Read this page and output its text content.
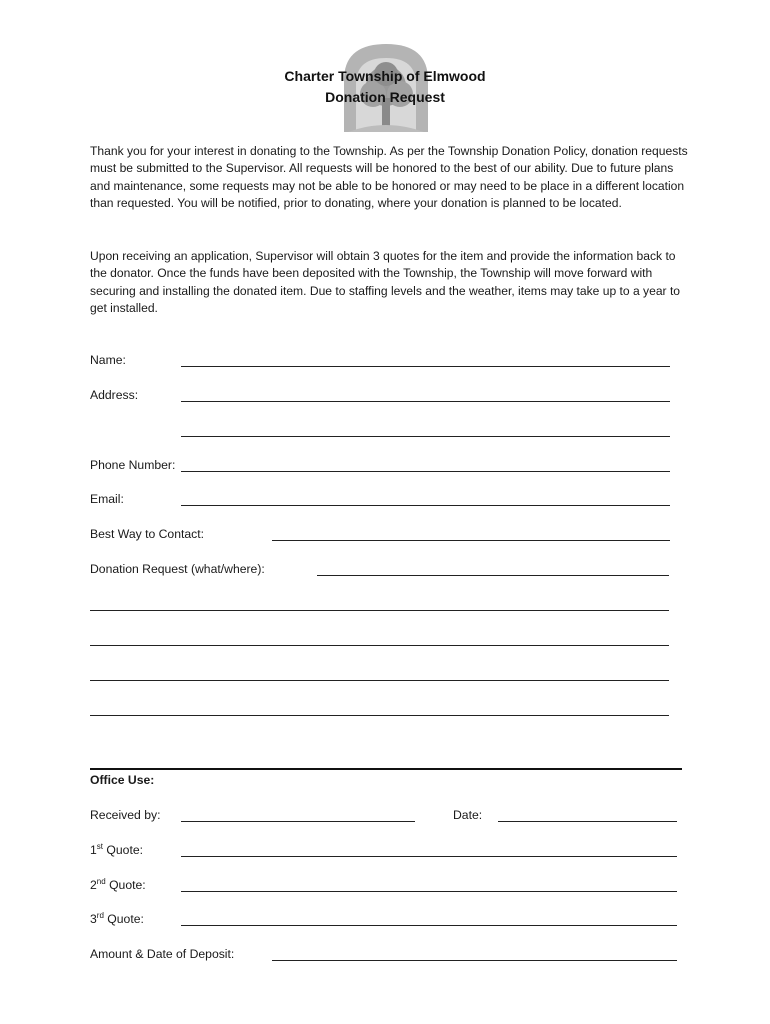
Charter Township of Elmwood
Donation Request

Thank you for your interest in donating to the Township. As per the Township Donation Policy, donation requests must be submitted to the Supervisor. All requests will be honored to the best of our ability. Due to future plans and maintenance, some requests may not be able to be honored or may need to be place in a different location than requested. You will be notified, prior to donating, where your donation is planned to be located.

Upon receiving an application, Supervisor will obtain 3 quotes for the item and provide the information back to the donator. Once the funds have been deposited with the Township, the Township will move forward with securing and installing the donated item. Due to staffing levels and the weather, items may take up to a year to get installed.

Name:
Address:
Phone Number:
Email:
Best Way to Contact:
Donation Request (what/where):
Office Use:
Received by:	Date:
1st Quote:
2nd Quote:
3rd Quote:
Amount & Date of Deposit:
